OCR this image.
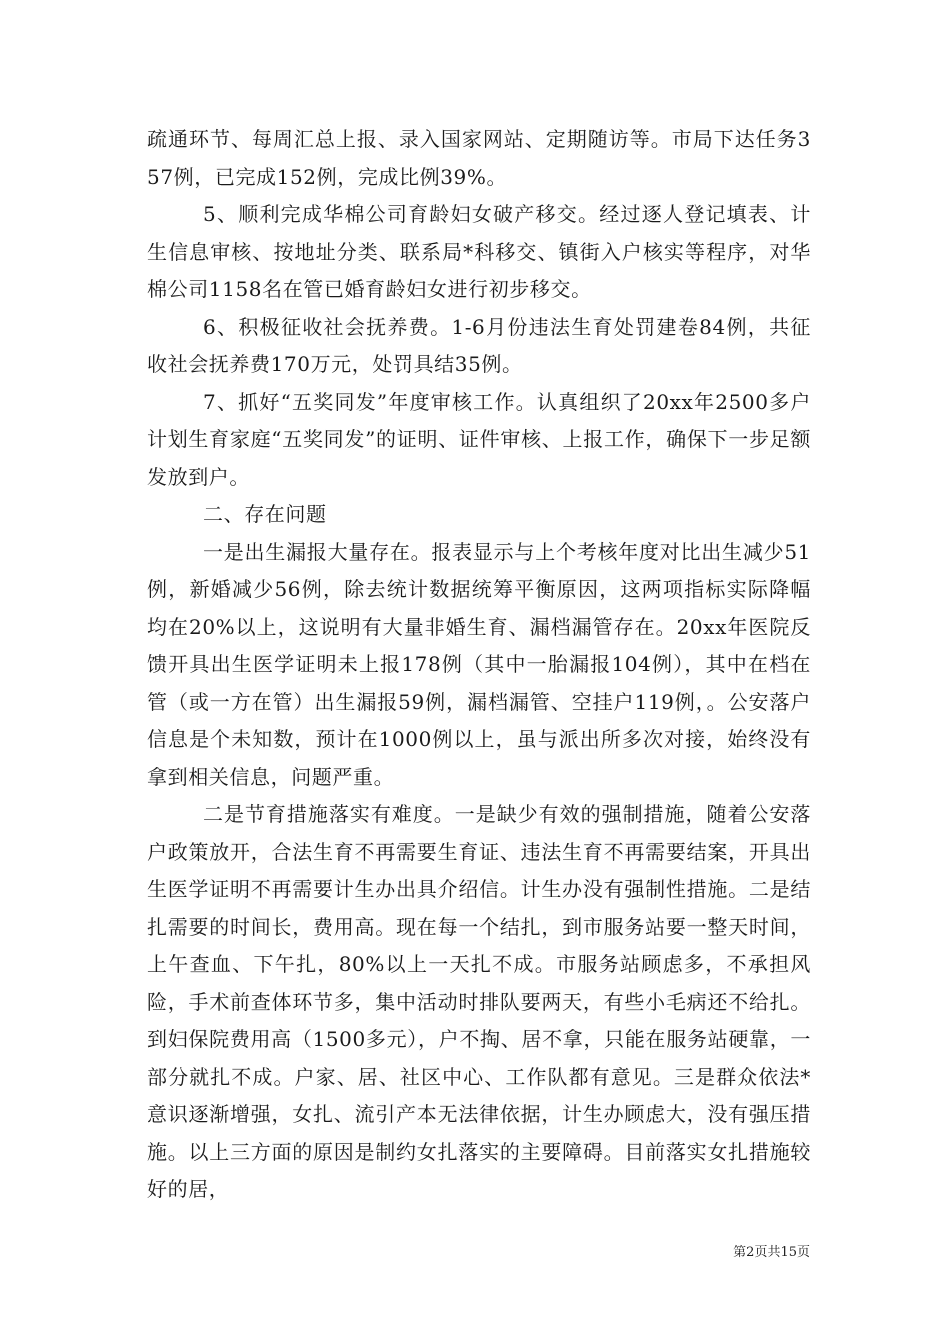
疏通环节、每周汇总上报、录入国家网站、定期随访等。市局下达任务357例，已完成152例，完成比例39%。

5、顺利完成华棉公司育龄妇女破产移交。经过逐人登记填表、计生信息审核、按地址分类、联系局*科移交、镇街入户核实等程序，对华棉公司1158名在管已婚育龄妇女进行初步移交。

6、积极征收社会抚养费。1-6月份违法生育处罚建卷84例，共征收社会抚养费170万元，处罚具结35例。

7、抓好“五奖同发”年度审核工作。认真组织了20xx年2500多户计划生育家庭“五奖同发”的证明、证件审核、上报工作，确保下一步足额发放到户。

二、存在问题

一是出生漏报大量存在。报表显示与上个考核年度对比出生减少51例，新婚减少56例，除去统计数据统筹平衡原因，这两项指标实际降幅均在20%以上，这说明有大量非婚生育、漏档漏管存在。20xx年医院反馈开具出生医学证明未上报178例（其中一胎漏报104例），其中在档在管（或一方在管）出生漏报59例，漏档漏管、空挂户119例，。公安落户信息是个未知数，预计在1000例以上，虽与派出所多次对接，始终没有拿到相关信息，问题严重。

二是节育措施落实有难度。一是缺少有效的强制措施，随着公安落户政策放开，合法生育不再需要生育证、违法生育不再需要结案，开具出生医学证明不再需要计生办出具介绍信。计生办没有强制性措施。二是结扎需要的时间长，费用高。现在每一个结扎，到市服务站要一整天时间，上午查血、下午扎，80%以上一天扎不成。市服务站顾虑多，不承担风险，手术前查体环节多，集中活动时排队要两天，有些小毛病还不给扎。到妇保院费用高（1500多元），户不掏、居不拿，只能在服务站硬靠，一部分就扎不成。户家、居、社区中心、工作队都有意见。三是群众依法*意识逐渐增强，女扎、流引产本无法律依据，计生办顾虑大，没有强压措施。以上三方面的原因是制约女扎落实的主要障碍。目前落实女扎措施较好的居，

第2页共15页
